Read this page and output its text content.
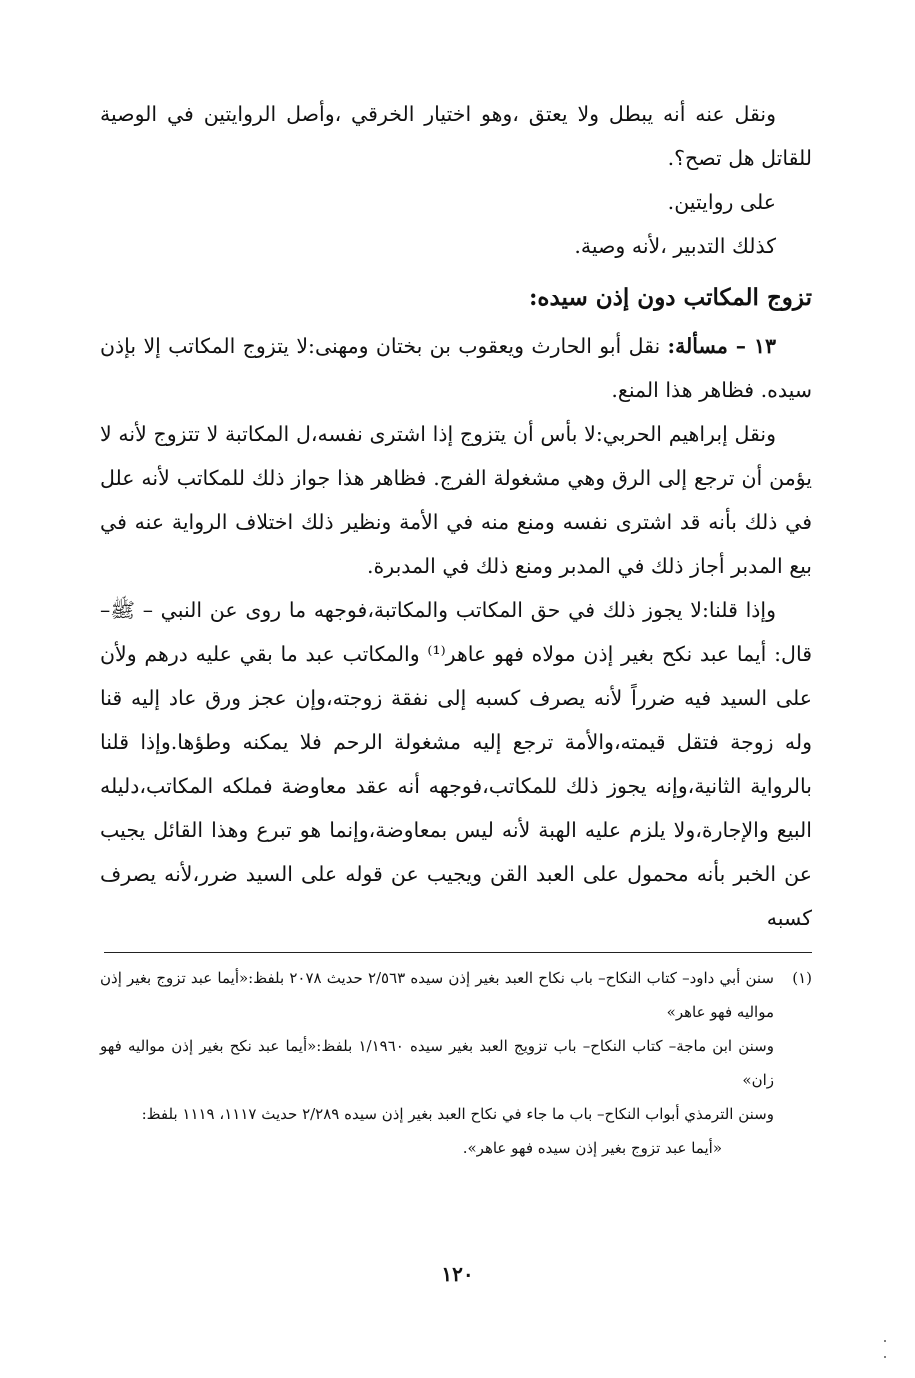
ونقل عنه أنه يبطل ولا يعتق ،وهو اختيار الخرقي ،وأصل الروايتين في الوصية للقاتل هل تصح؟.

على روايتين.

كذلك التدبير ،لأنه وصية.

تزوج المكاتب دون إذن سيده:

١٣ – مسألة: نقل أبو الحارث ويعقوب بن بختان ومهنى:لا يتزوج المكاتب إلا بإذن سيده. فظاهر هذا المنع.

ونقل إبراهيم الحربي:لا بأس أن يتزوج إذا اشترى نفسه،ل المكاتبة لا تتزوج لأنه لا يؤمن أن ترجع إلى الرق وهي مشغولة الفرج. فظاهر هذا جواز ذلك للمكاتب لأنه علل في ذلك بأنه قد اشترى نفسه ومنع منه في الأمة ونظير ذلك اختلاف الرواية عنه في بيع المدبر أجاز ذلك في المدبر ومنع ذلك في المدبرة.

وإذا قلنا:لا يجوز ذلك في حق المكاتب والمكاتبة،فوجهه ما روى عن النبي – ﷺ– قال: أيما عبد نكح بغير إذن مولاه فهو عاهر⁽¹⁾ والمكاتب عبد ما بقي عليه درهم ولأن على السيد فيه ضرراً لأنه يصرف كسبه إلى نفقة زوجته،وإن عجز ورق عاد إليه قنا وله زوجة فتقل قيمته،والأمة ترجع إليه مشغولة الرحم فلا يمكنه وطؤها.وإذا قلنا بالرواية الثانية،وإنه يجوز ذلك للمكاتب،فوجهه أنه عقد معاوضة فملكه المكاتب،دليله البيع والإجارة،ولا يلزم عليه الهبة لأنه ليس بمعاوضة،وإنما هو تبرع وهذا القائل يجيب عن الخبر بأنه محمول على العبد القن ويجيب عن قوله على السيد ضرر،لأنه يصرف كسبه

(١)

سنن أبي داود– كتاب النكاح– باب نكاح العبد بغير إذن سيده ٢/٥٦٣ حديث ٢٠٧٨ بلفظ:«أيما عبد تزوج بغير إذن مواليه فهو عاهر»

وسنن ابن ماجة– كتاب النكاح– باب تزويج العبد بغير سيده ١/١٩٦٠ بلفظ:«أيما عبد نكح بغير إذن مواليه فهو زان»

وسنن الترمذي أبواب النكاح– باب ما جاء في نكاح العبد بغير إذن سيده ٢/٢٨٩ حديث ١١١٧، ١١١٩ بلفظ:

«أيما عبد تزوج بغير إذن سيده فهو عاهر».

١٢٠
